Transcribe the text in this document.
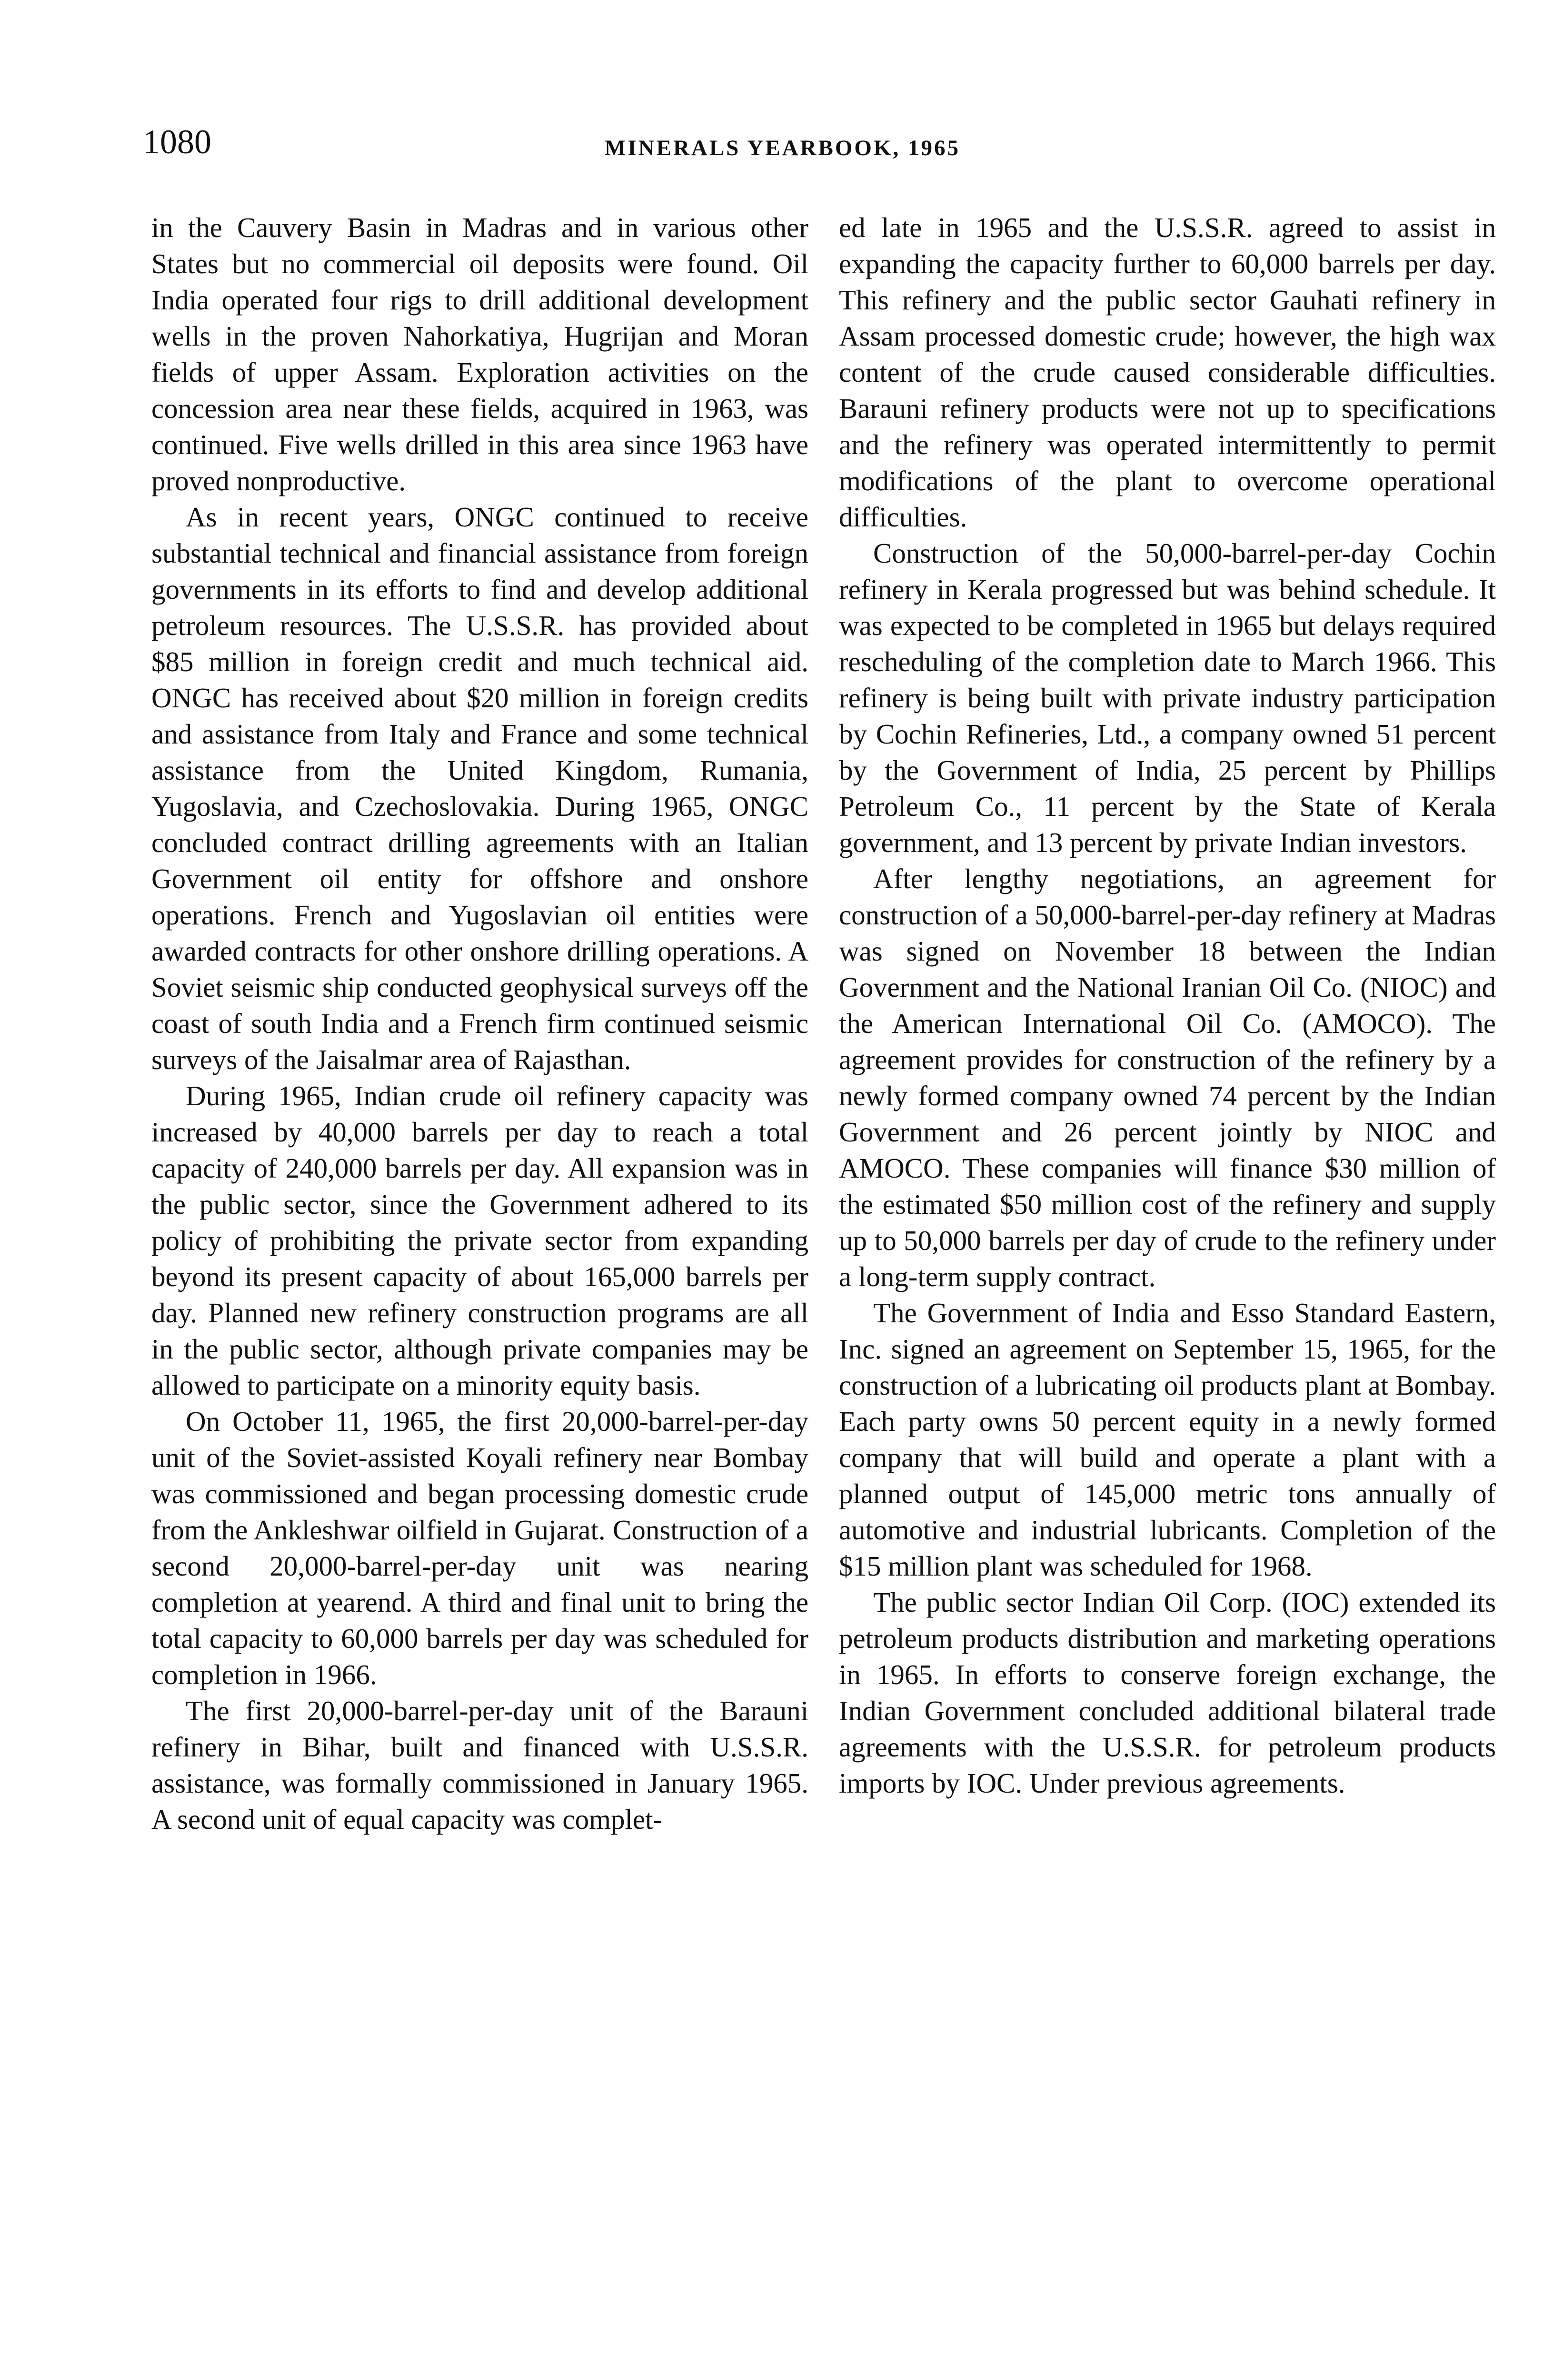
1080	MINERALS YEARBOOK, 1965

in the Cauvery Basin in Madras and in various other States but no commercial oil deposits were found. Oil India operated four rigs to drill additional development wells in the proven Nahorkatiya, Hugrijan and Moran fields of upper Assam. Exploration activities on the concession area near these fields, acquired in 1963, was continued. Five wells drilled in this area since 1963 have proved nonproductive.

As in recent years, ONGC continued to receive substantial technical and financial assistance from foreign governments in its efforts to find and develop additional petroleum resources. The U.S.S.R. has provided about $85 million in foreign credit and much technical aid. ONGC has received about $20 million in foreign credits and assistance from Italy and France and some technical assistance from the United Kingdom, Rumania, Yugoslavia, and Czechoslovakia. During 1965, ONGC concluded contract drilling agreements with an Italian Government oil entity for offshore and onshore operations. French and Yugoslavian oil entities were awarded contracts for other onshore drilling operations. A Soviet seismic ship conducted geophysical surveys off the coast of south India and a French firm continued seismic surveys of the Jaisalmar area of Rajasthan.

During 1965, Indian crude oil refinery capacity was increased by 40,000 barrels per day to reach a total capacity of 240,000 barrels per day. All expansion was in the public sector, since the Government adhered to its policy of prohibiting the private sector from expanding beyond its present capacity of about 165,000 barrels per day. Planned new refinery construction programs are all in the public sector, although private companies may be allowed to participate on a minority equity basis.

On October 11, 1965, the first 20,000-barrel-per-day unit of the Soviet-assisted Koyali refinery near Bombay was commissioned and began processing domestic crude from the Ankleshwar oilfield in Gujarat. Construction of a second 20,000-barrel-per-day unit was nearing completion at yearend. A third and final unit to bring the total capacity to 60,000 barrels per day was scheduled for completion in 1966.

The first 20,000-barrel-per-day unit of the Barauni refinery in Bihar, built and financed with U.S.S.R. assistance, was formally commissioned in January 1965. A second unit of equal capacity was complet-

ed late in 1965 and the U.S.S.R. agreed to assist in expanding the capacity further to 60,000 barrels per day. This refinery and the public sector Gauhati refinery in Assam processed domestic crude; however, the high wax content of the crude caused considerable difficulties. Barauni refinery products were not up to specifications and the refinery was operated intermittently to permit modifications of the plant to overcome operational difficulties.

Construction of the 50,000-barrel-per-day Cochin refinery in Kerala progressed but was behind schedule. It was expected to be completed in 1965 but delays required rescheduling of the completion date to March 1966. This refinery is being built with private industry participation by Cochin Refineries, Ltd., a company owned 51 percent by the Government of India, 25 percent by Phillips Petroleum Co., 11 percent by the State of Kerala government, and 13 percent by private Indian investors.

After lengthy negotiations, an agreement for construction of a 50,000-barrel-per-day refinery at Madras was signed on November 18 between the Indian Government and the National Iranian Oil Co. (NIOC) and the American International Oil Co. (AMOCO). The agreement provides for construction of the refinery by a newly formed company owned 74 percent by the Indian Government and 26 percent jointly by NIOC and AMOCO. These companies will finance $30 million of the estimated $50 million cost of the refinery and supply up to 50,000 barrels per day of crude to the refinery under a long-term supply contract.

The Government of India and Esso Standard Eastern, Inc. signed an agreement on September 15, 1965, for the construction of a lubricating oil products plant at Bombay. Each party owns 50 percent equity in a newly formed company that will build and operate a plant with a planned output of 145,000 metric tons annually of automotive and industrial lubricants. Completion of the $15 million plant was scheduled for 1968.

The public sector Indian Oil Corp. (IOC) extended its petroleum products distribution and marketing operations in 1965. In efforts to conserve foreign exchange, the Indian Government concluded additional bilateral trade agreements with the U.S.S.R. for petroleum products imports by IOC. Under previous agreements.
